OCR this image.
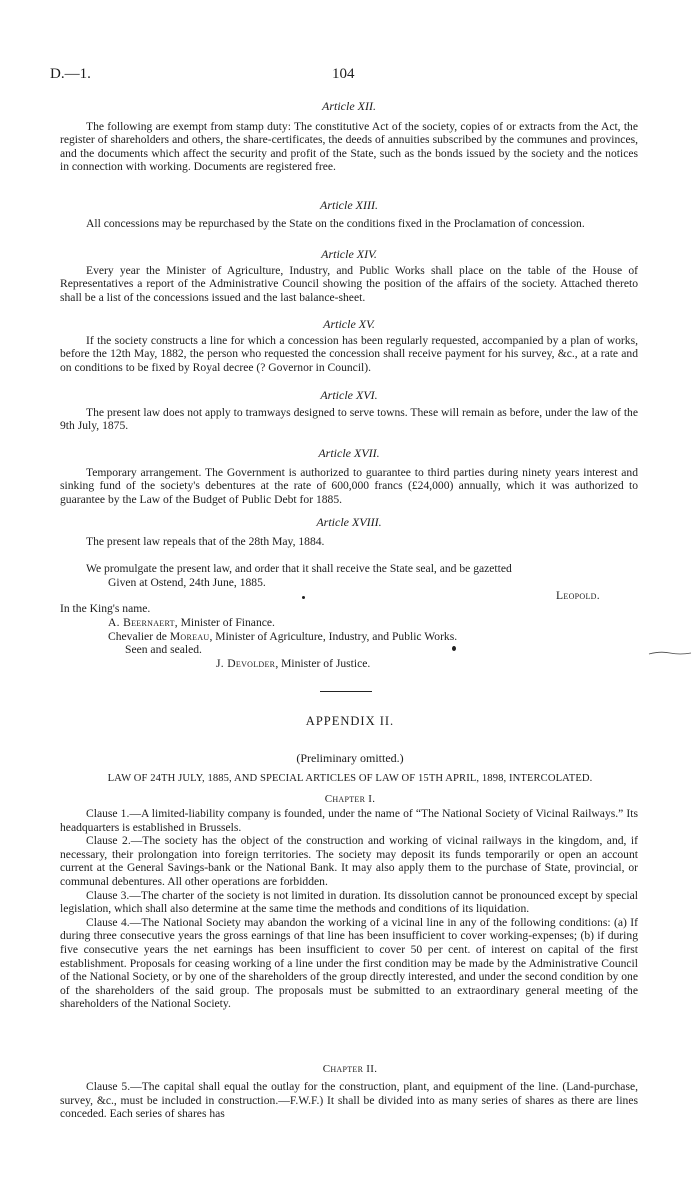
D.—1.	104

Article XII.

The following are exempt from stamp duty: The constitutive Act of the society, copies of or extracts from the Act, the register of shareholders and others, the share-certificates, the deeds of annuities subscribed by the communes and provinces, and the documents which affect the security and profit of the State, such as the bonds issued by the society and the notices in connection with working. Documents are registered free.

Article XIII.

All concessions may be repurchased by the State on the conditions fixed in the Proclamation of concession.

Article XIV.

Every year the Minister of Agriculture, Industry, and Public Works shall place on the table of the House of Representatives a report of the Administrative Council showing the position of the affairs of the society. Attached thereto shall be a list of the concessions issued and the last balance-sheet.

Article XV.

If the society constructs a line for which a concession has been regularly requested, accompanied by a plan of works, before the 12th May, 1882, the person who requested the concession shall receive payment for his survey, &c., at a rate and on conditions to be fixed by Royal decree (? Governor in Council).

Article XVI.

The present law does not apply to tramways designed to serve towns. These will remain as before, under the law of the 9th July, 1875.

Article XVII.

Temporary arrangement. The Government is authorized to guarantee to third parties during ninety years interest and sinking fund of the society's debentures at the rate of 600,000 francs (£24,000) annually, which it was authorized to guarantee by the Law of the Budget of Public Debt for 1885.

Article XVIII.

The present law repeals that of the 28th May, 1884.

We promulgate the present law, and order that it shall receive the State seal, and be gazetted
Given at Ostend, 24th June, 1885.
Leopold.
In the King's name.
A. Beernaert, Minister of Finance.
Chevalier de Moreau, Minister of Agriculture, Industry, and Public Works.
Seen and sealed.
J. Devolder, Minister of Justice.
APPENDIX II.
(Preliminary omitted.)
LAW OF 24TH JULY, 1885, AND SPECIAL ARTICLES OF LAW OF 15TH APRIL, 1898, INTERCOLATED.
Chapter I.

Clause 1.—A limited-liability company is founded, under the name of “The National Society of Vicinal Railways.” Its headquarters is established in Brussels.

Clause 2.—The society has the object of the construction and working of vicinal railways in the kingdom, and, if necessary, their prolongation into foreign territories. The society may deposit its funds temporarily or open an account current at the General Savings-bank or the National Bank. It may also apply them to the purchase of State, provincial, or communal debentures. All other operations are forbidden.

Clause 3.—The charter of the society is not limited in duration. Its dissolution cannot be pronounced except by special legislation, which shall also determine at the same time the methods and conditions of its liquidation.

Clause 4.—The National Society may abandon the working of a vicinal line in any of the following conditions: (a) If during three consecutive years the gross earnings of that line has been insufficient to cover working-expenses; (b) if during five consecutive years the net earnings has been insufficient to cover 50 per cent. of interest on capital of the first establishment. Proposals for ceasing working of a line under the first condition may be made by the Administrative Council of the National Society, or by one of the shareholders of the group directly interested, and under the second condition by one of the shareholders of the said group. The proposals must be submitted to an extraordinary general meeting of the shareholders of the National Society.

Chapter II.

Clause 5.—The capital shall equal the outlay for the construction, plant, and equipment of the line. (Land-purchase, survey, &c., must be included in construction.—F.W.F.) It shall be divided into as many series of shares as there are lines conceded. Each series of shares has
